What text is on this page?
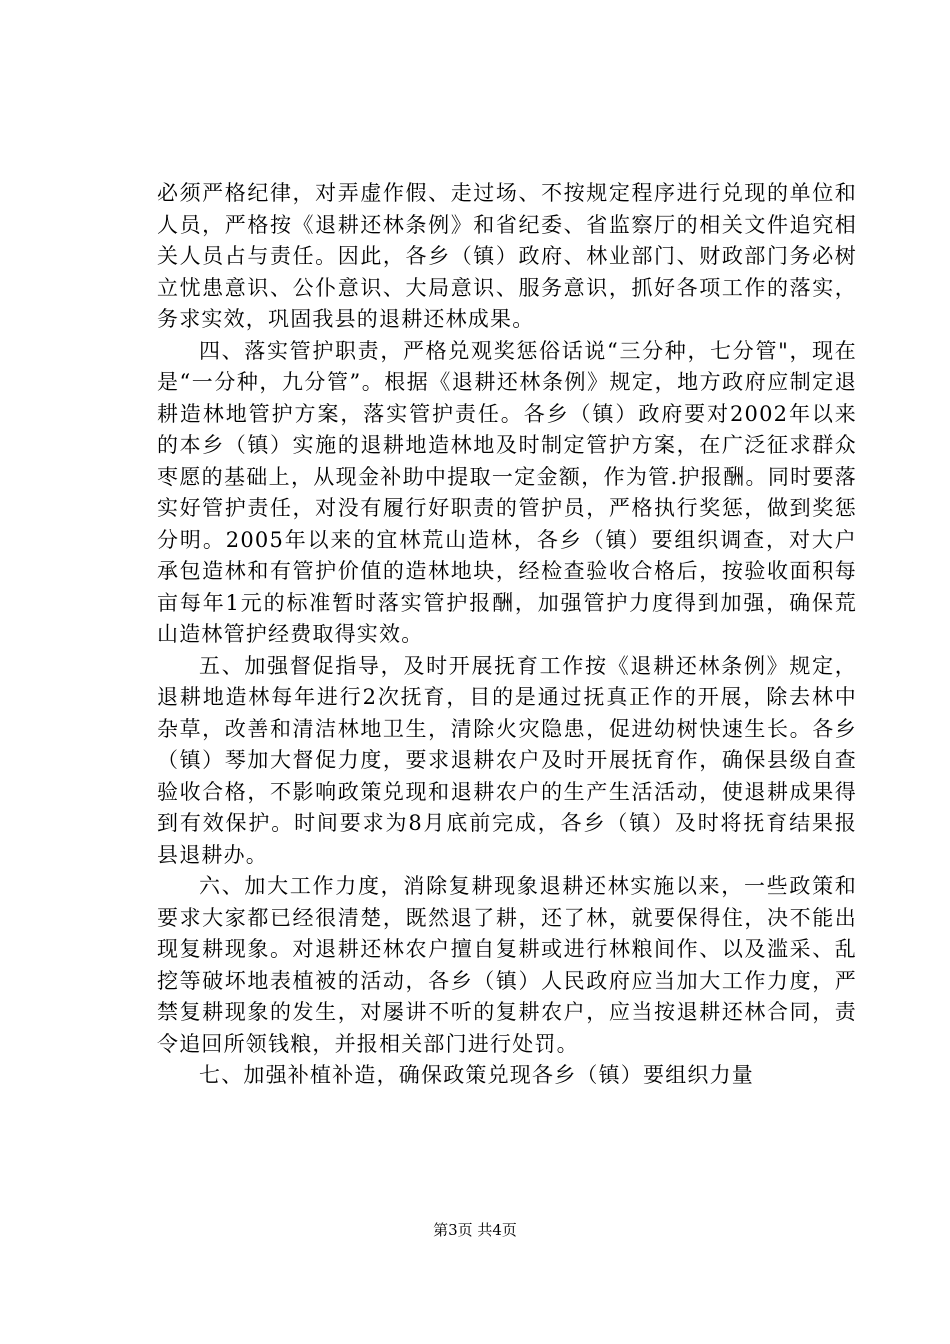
必须严格纪律，对弄虚作假、走过场、不按规定程序进行兑现的单位和人员，严格按《退耕还林条例》和省纪委、省监察厅的相关文件追究相关人员占与责任。因此，各乡（镇）政府、林业部门、财政部门务必树立忧患意识、公仆意识、大局意识、服务意识，抓好各项工作的落实，务求实效，巩固我县的退耕还林成果。

四、落实管护职责，严格兑观奖惩俗话说“三分种，七分管"，现在是“一分种，九分管”。根据《退耕还林条例》规定，地方政府应制定退耕造林地管护方案，落实管护责任。各乡（镇）政府要对2002年以来的本乡（镇）实施的退耕地造林地及时制定管护方案，在广泛征求群众枣愿的基础上，从现金补助中提取一定金额，作为管.护报酬。同时要落实好管护责任，对没有履行好职责的管护员，严格执行奖惩，做到奖惩分明。2005年以来的宜林荒山造林，各乡（镇）要组织调查，对大户承包造林和有管护价值的造林地块，经检查验收合格后，按验收面积每亩每年1元的标准暂时落实管护报酬，加强管护力度得到加强，确保荒山造林管护经费取得实效。

五、加强督促指导，及时开展抚育工作按《退耕还林条例》规定，退耕地造林每年进行2次抚育，目的是通过抚真正作的开展，除去林中杂草，改善和清洁林地卫生，清除火灾隐患，促进幼树快速生长。各乡（镇）琴加大督促力度，要求退耕农户及时开展抚育作，确保县级自查验收合格，不影响政策兑现和退耕农户的生产生活活动，使退耕成果得到有效保护。时间要求为8月底前完成，各乡（镇）及时将抚育结果报县退耕办。

六、加大工作力度，消除复耕现象退耕还林实施以来，一些政策和要求大家都已经很清楚，既然退了耕，还了林，就要保得住，决不能出现复耕现象。对退耕还林农户擅自复耕或进行林粮间作、以及滥采、乱挖等破坏地表植被的活动，各乡（镇）人民政府应当加大工作力度，严禁复耕现象的发生，对屡讲不听的复耕农户，应当按退耕还林合同，责令追回所领钱粮，并报相关部门进行处罚。

七、加强补植补造，确保政策兑现各乡（镇）要组织力量

第3页 共4页
